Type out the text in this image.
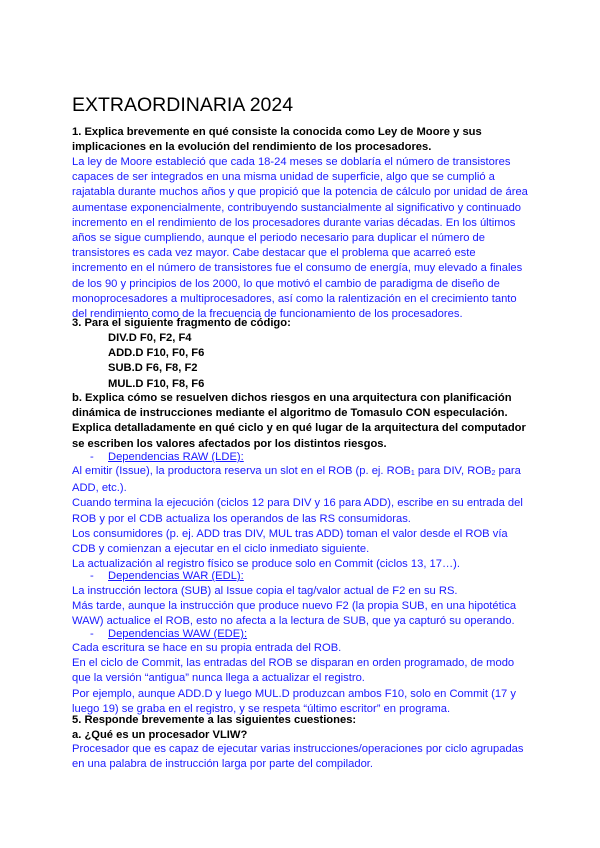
EXTRAORDINARIA 2024
1. Explica brevemente en qué consiste la conocida como Ley de Moore y sus
implicaciones en la evolución del rendimiento de los procesadores.
La ley de Moore estableció que cada 18-24 meses se doblaría el número de transistores
capaces de ser integrados en una misma unidad de superficie, algo que se cumplió a
rajatabla durante muchos años y que propició que la potencia de cálculo por unidad de área
aumentase exponencialmente, contribuyendo sustancialmente al significativo y continuado
incremento en el rendimiento de los procesadores durante varias décadas. En los últimos
años se sigue cumpliendo, aunque el periodo necesario para duplicar el número de
transistores es cada vez mayor. Cabe destacar que el problema que acarreó este
incremento en el número de transistores fue el consumo de energía, muy elevado a finales
de los 90 y principios de los 2000, lo que motivó el cambio de paradigma de diseño de
monoprocesadores a multiprocesadores, así como la ralentización en el crecimiento tanto
del rendimiento como de la frecuencia de funcionamiento de los procesadores.
3. Para el siguiente fragmento de código:
DIV.D F0, F2, F4
ADD.D F10, F0, F6
SUB.D F6, F8, F2
MUL.D F10, F8, F6
b. Explica cómo se resuelven dichos riesgos en una arquitectura con planificación
dinámica de instrucciones mediante el algoritmo de Tomasulo CON especulación.
Explica detalladamente en qué ciclo y en qué lugar de la arquitectura del computador
se escriben los valores afectados por los distintos riesgos.
- Dependencias RAW (LDE):
Al emitir (Issue), la productora reserva un slot en el ROB (p. ej. $ROB_1$ para DIV, $ROB_2$ para
ADD, etc.).
Cuando termina la ejecución (ciclos 12 para DIV y 16 para ADD), escribe en su entrada del
ROB y por el CDB actualiza los operandos de las RS consumidoras.
Los consumidores (p. ej. ADD tras DIV, MUL tras ADD) toman el valor desde el ROB vía
CDB y comienzan a ejecutar en el ciclo inmediato siguiente.
La actualización al registro físico se produce solo en Commit (ciclos 13, 17…).
- Dependencias WAR (EDL):
La instrucción lectora (SUB) al Issue copia el tag/valor actual de F2 en su RS.
Más tarde, aunque la instrucción que produce nuevo F2 (la propia SUB, en una hipotética
WAW) actualice el ROB, esto no afecta a la lectura de SUB, que ya capturó su operando.
- Dependencias WAW (EDE):
Cada escritura se hace en su propia entrada del ROB.
En el ciclo de Commit, las entradas del ROB se disparan en orden programado, de modo
que la versión “antigua” nunca llega a actualizar el registro.
Por ejemplo, aunque ADD.D y luego MUL.D produzcan ambos F10, solo en Commit (17 y
luego 19) se graba en el registro, y se respeta “último escritor” en programa.
5. Responde brevemente a las siguientes cuestiones:
a. ¿Qué es un procesador VLIW?
Procesador que es capaz de ejecutar varias instrucciones/operaciones por ciclo agrupadas
en una palabra de instrucción larga por parte del compilador.
